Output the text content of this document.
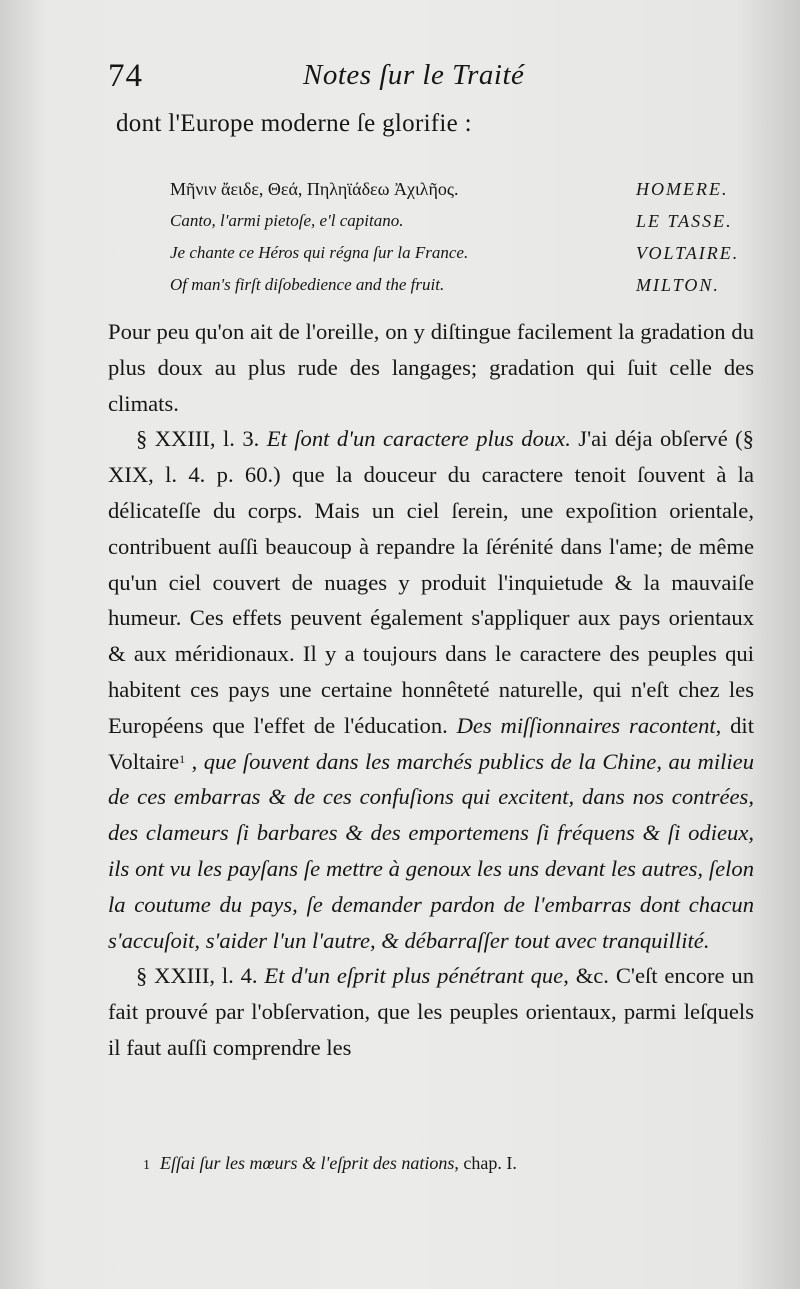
74	Notes ſur le Traité
dont l'Europe moderne ſe glorifie :
Μῆνιν ἄειδε, Θεά, Πηληϊάδεω Ἀχιλῆος.	HOMERE.
Canto, l'armi pietoſe, e'l capitano.	LE TASSE.
Je chante ce Héros qui régna ſur la France.	VOLTAIRE.
Of man's firſt diſobedience and the fruit.	MILTON.

Pour peu qu'on ait de l'oreille, on y diſtingue facilement la gradation du plus doux au plus rude des langages; gradation qui ſuit celle des climats.

§ XXIII, l. 3. Et ſont d'un caractere plus doux. J'ai déja obſervé (§ XIX, l. 4. p. 60.) que la douceur du caractere tenoit ſouvent à la délicateſſe du corps. Mais un ciel ſerein, une expoſition orientale, contribuent auſſi beaucoup à repandre la ſérénité dans l'ame; de même qu'un ciel couvert de nuages y produit l'inquietude & la mauvaiſe humeur. Ces effets peuvent également s'appliquer aux pays orientaux & aux méridionaux. Il y a toujours dans le caractere des peuples qui habitent ces pays une certaine honnêteté naturelle, qui n'eſt chez les Européens que l'effet de l'éducation. Des miſſionnaires racontent, dit Voltaire$^1$ , que ſouvent dans les marchés publics de la Chine, au milieu de ces embarras & de ces confuſions qui excitent, dans nos contrées, des clameurs ſi barbares & des emportemens ſi fréquens & ſi odieux, ils ont vu les payſans ſe mettre à genoux les uns devant les autres, ſelon la coutume du pays, ſe demander pardon de l'embarras dont chacun s'accuſoit, s'aider l'un l'autre, & débarraſſer tout avec tranquillité.

§ XXIII, l. 4. Et d'un eſprit plus pénétrant que, &c. C'eſt encore un fait prouvé par l'obſervation, que les peuples orientaux, parmi leſquels il faut auſſi comprendre les

1 Eſſai ſur les mœurs & l'eſprit des nations, chap. I.
